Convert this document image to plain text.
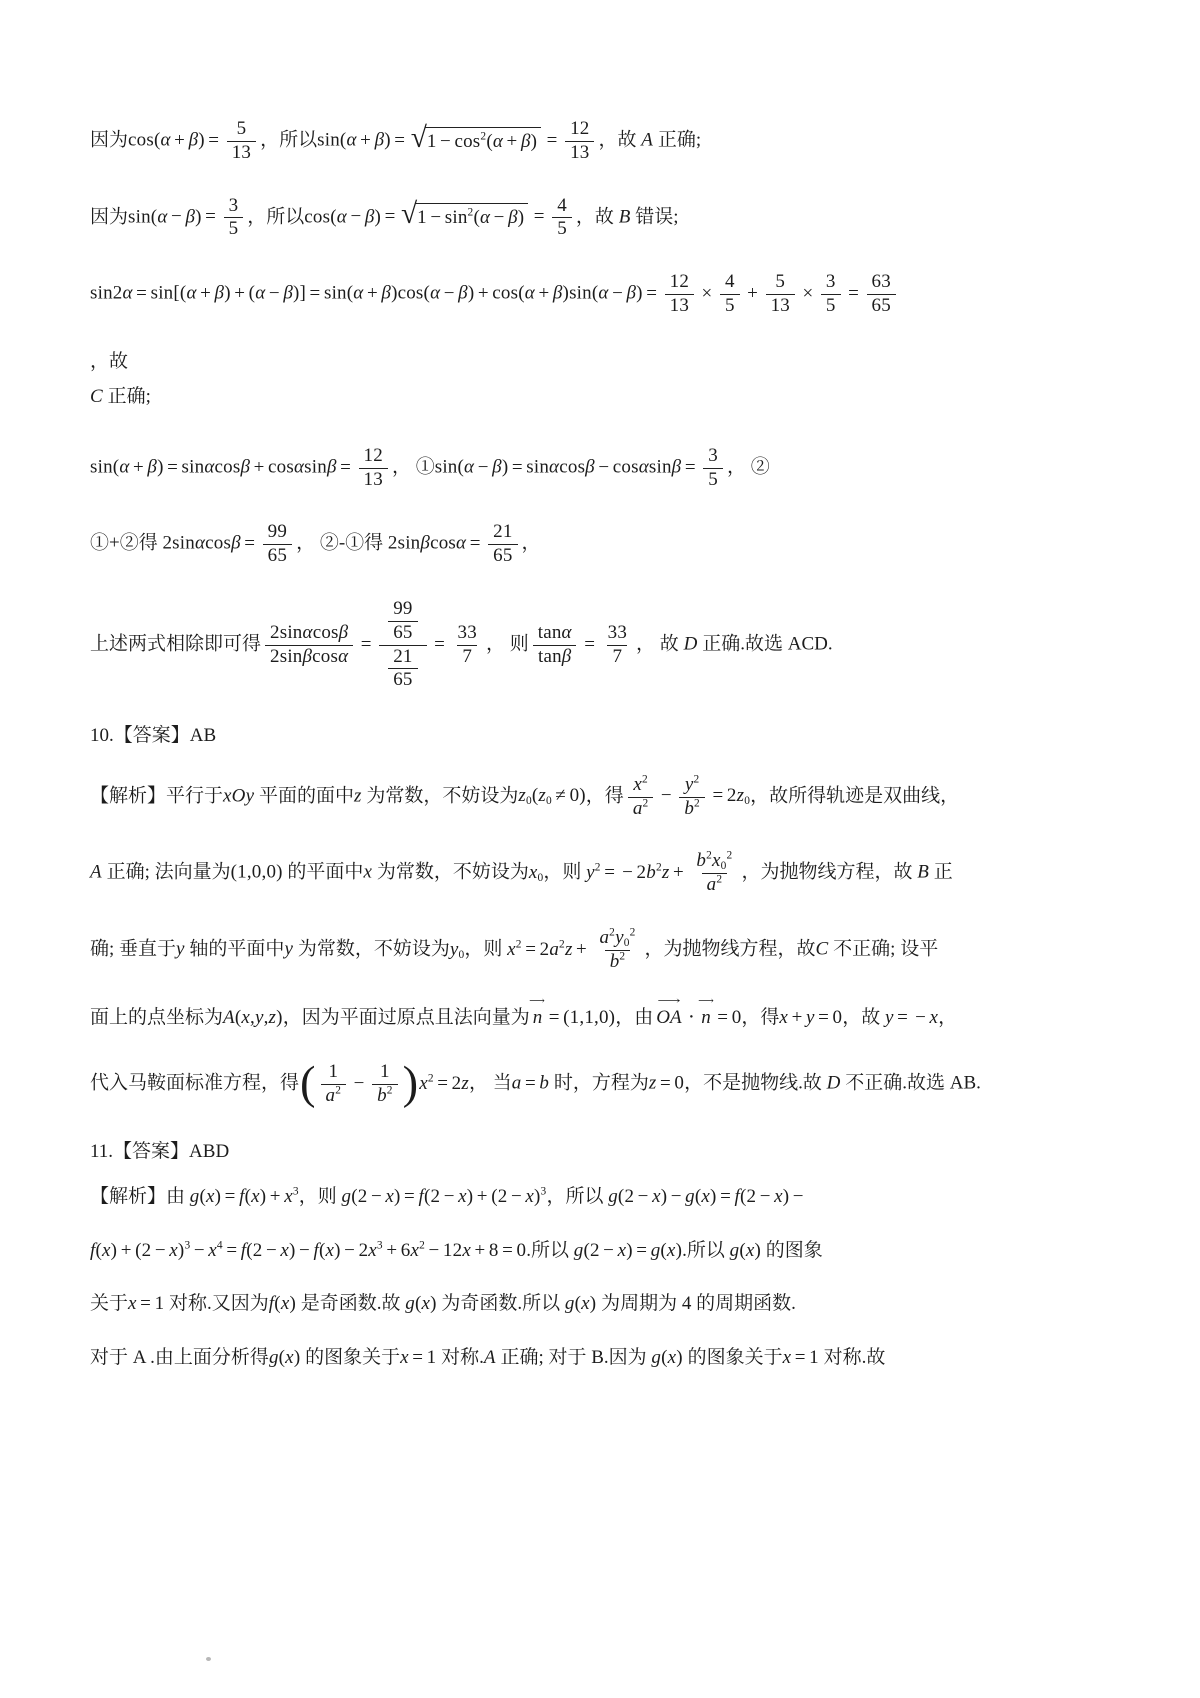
因为$\cos(\alpha + \beta) = \frac{5}{13}$ ，所以sin(α + β) = √ $1 - \cos^2(\alpha + \beta) = \frac{12}{13}$ ，故 A 正确;
因为$\sin(\alpha - \beta) = \frac{3}{5}$ ，所以cos(α − β) = √ $1 - \sin^2(\alpha - \beta) = \frac{4}{5}$ ，故 B 错误;
$\sin 2\alpha = \sin[(\alpha + \beta) + (\alpha - \beta)] = \sin(\alpha + \beta)\cos(\alpha - \beta) + \cos(\alpha + \beta)\sin(\alpha - \beta) = \frac{12}{13} \times \frac{4}{5} + \frac{5}{13} \times \frac{3}{5} = \frac{63}{65}$
，故
C 正确;
$\sin(\alpha + \beta) = \sin\alpha\cos\beta + \cos\alpha\sin\beta = \frac{12}{13}$ ， ①sin(α − $\beta) = \sin\alpha\cos\beta - \cos\alpha\sin\beta = \frac{3}{5}$ ， ②
①+②得 $2\sin\alpha\cos\beta = \frac{99}{65}$ ， ②-①得 $2\sin\beta\cos\alpha = \frac{21}{65}$ ，
上述两式相除即可得 $\frac{2\sin\alpha\cos\beta}{2\sin\beta\cos\alpha} = \frac{\frac{99}{65}}{\frac{21}{65}} = \frac{33}{7}$ ， 则 $\frac{\tan\alpha}{\tan\beta} = \frac{33}{7}$ ， 故 D 正确.故选 ACD.
10.【答案】AB
【解析】平行于xOy 平面的面中z 为常数，不妨设为$z_0(z_0 \ne 0)$，得 $\frac{x^2}{a^2} - \frac{y^2}{b^2} = 2z_0$，故所得轨迹是双曲线，
A 正确; 法向量为(1,0,0) 的平面中x 为常数，不妨设为$x_0$，则 $y^2$ = − $2b^2z + \frac{b^2x_0^2}{a^2}$ ，为抛物线方程，故 B 正
确; 垂直于y 轴的平面中y 为常数，不妨设为$y_0$，则 $x^2 = 2a^2z + \frac{a^2y_0^2}{b^2}$ ，为抛物线方程，故C 不正确; 设平
面上的点坐标为A(x,y,z)，因为平面过原点且法向量为
⟶
n = (1,1,0)，由
⟶
OA ⋅
⟶
n = 0，得x + y = 0，故 y = − x，
代入马鞍面标准方程，得( $\frac{1}{a^2} - \frac{1}{b^2} )x^2 = 2z$， 当a = b 时，方程为z = 0，不是抛物线.故 D 不正确.故选 AB.
11.【答案】ABD
【解析】由 $g(x) = f(x) + x^3$，则 $g(2 - x) = f(2 - x) + (2 - x)^3$，所以 g(2 − x) − g(x) = f(2 − x) −
$f(x) + (2 - x)^3 - x^4 = f(2 - x) - f(x) - 2x^3 + 6x^2 - 12x + 8 = 0$.所以 g(2 − x) = g(x).所以 g(x) 的图象
关于x = 1 对称.又因为f(x) 是奇函数.故 g(x) 为奇函数.所以 g(x) 为周期为 4 的周期函数.
对于 A .由上面分析得g(x) 的图象关于x = 1 对称.A 正确; 对于 B.因为 g(x) 的图象关于x = 1 对称.故
